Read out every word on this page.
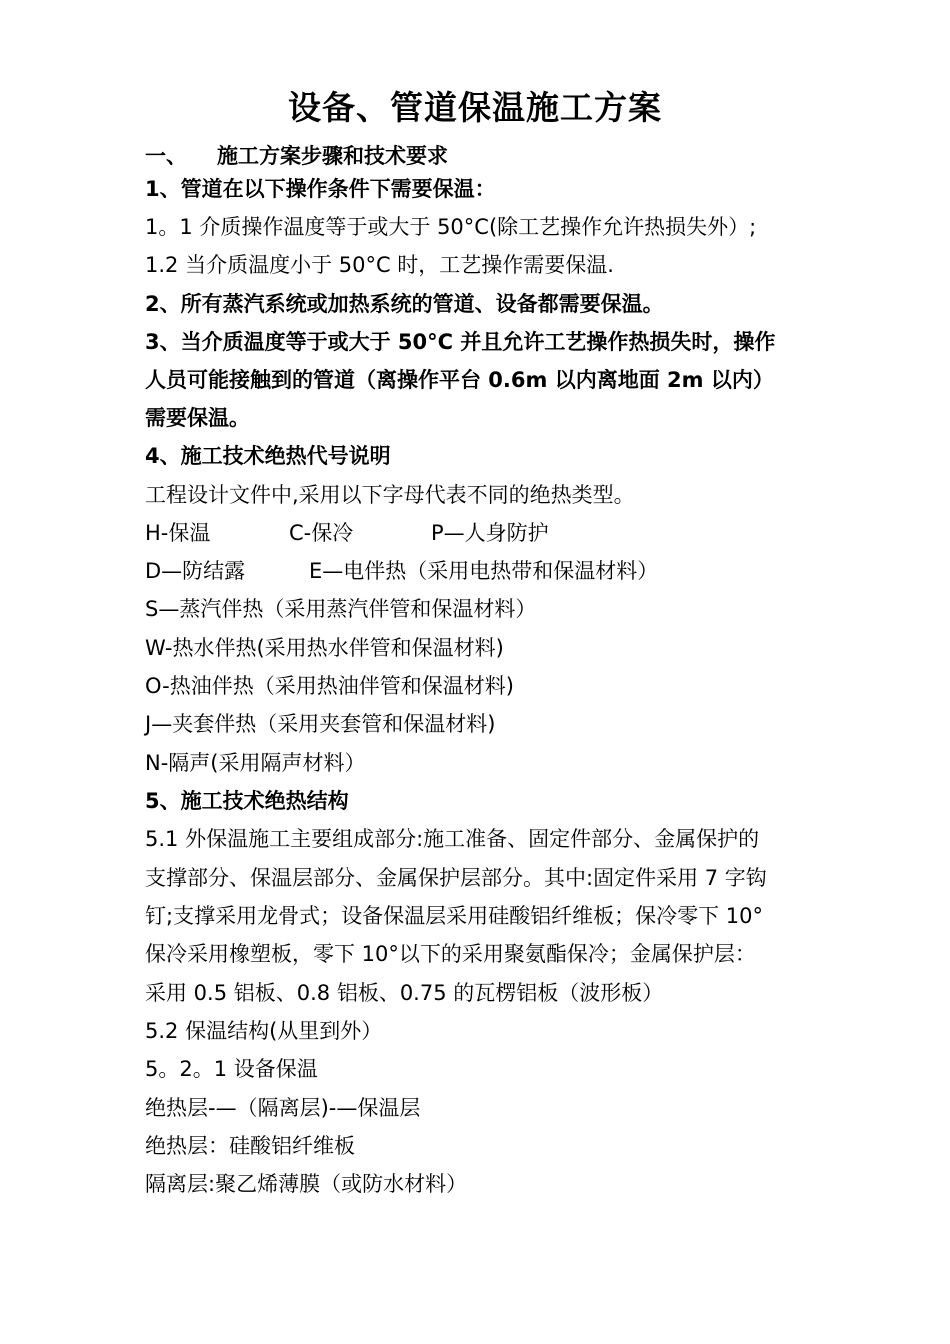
设备、管道保温施工方案
一、 施工方案步骤和技术要求
1、管道在以下操作条件下需要保温：
1。1 介质操作温度等于或大于 50°C(除工艺操作允许热损失外）;
1.2 当介质温度小于 50°C 时，工艺操作需要保温.
2、所有蒸汽系统或加热系统的管道、设备都需要保温。
3、当介质温度等于或大于 50°C 并且允许工艺操作热损失时，操作
人员可能接触到的管道（离操作平台 0.6m 以内离地面 2m 以内）
需要保温。
4、施工技术绝热代号说明
工程设计文件中,采用以下字母代表不同的绝热类型。
H-保温	C-保冷	P—人身防护
D—防结露	E—电伴热（采用电热带和保温材料）
S—蒸汽伴热（采用蒸汽伴管和保温材料）
W-热水伴热(采用热水伴管和保温材料)
O-热油伴热（采用热油伴管和保温材料)
J—夹套伴热（采用夹套管和保温材料)
N-隔声(采用隔声材料）
5、施工技术绝热结构
5.1 外保温施工主要组成部分:施工准备、固定件部分、金属保护的
支撑部分、保温层部分、金属保护层部分。其中:固定件采用 7 字钩
钉;支撑采用龙骨式；设备保温层采用硅酸铝纤维板；保冷零下 10°
保冷采用橡塑板，零下 10°以下的采用聚氨酯保冷；金属保护层：
采用 0.5 铝板、0.8 铝板、0.75 的瓦楞铝板（波形板）
5.2 保温结构(从里到外）
5。2。1 设备保温
绝热层-—（隔离层)-—保温层
绝热层：硅酸铝纤维板
隔离层:聚乙烯薄膜（或防水材料）
